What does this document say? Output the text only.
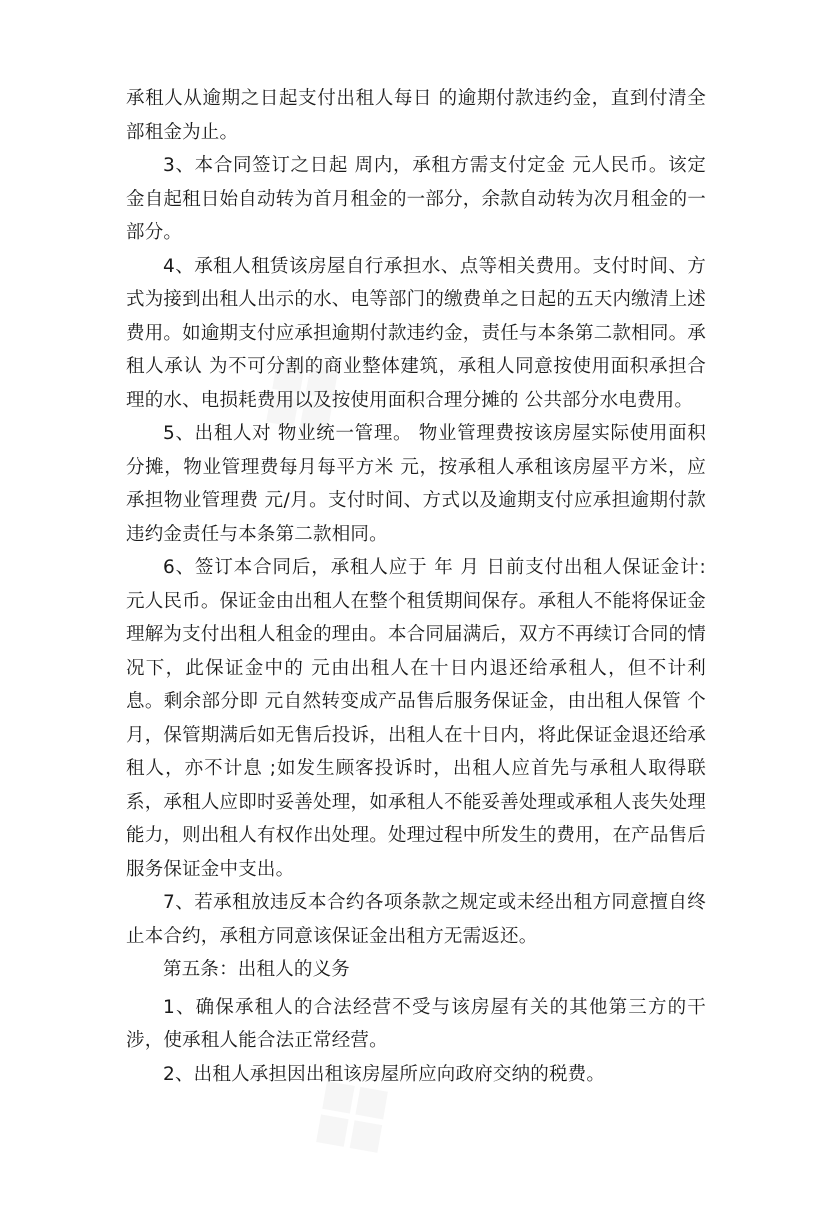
承租人从逾期之日起支付出租人每日 的逾期付款违约金，直到付清全部租金为止。

3、本合同签订之日起 周内，承租方需支付定金 元人民币。该定金自起租日始自动转为首月租金的一部分，余款自动转为次月租金的一部分。

4、承租人租赁该房屋自行承担水、点等相关费用。支付时间、方式为接到出租人出示的水、电等部门的缴费单之日起的五天内缴清上述费用。如逾期支付应承担逾期付款违约金，责任与本条第二款相同。承租人承认 为不可分割的商业整体建筑，承租人同意按使用面积承担合理的水、电损耗费用以及按使用面积合理分摊的 公共部分水电费用。

5、出租人对 物业统一管理。 物业管理费按该房屋实际使用面积分摊，物业管理费每月每平方米 元，按承租人承租该房屋平方米，应承担物业管理费 元/月。支付时间、方式以及逾期支付应承担逾期付款违约金责任与本条第二款相同。

6、签订本合同后，承租人应于 年 月 日前支付出租人保证金计: 元人民币。保证金由出租人在整个租赁期间保存。承租人不能将保证金理解为支付出租人租金的理由。本合同届满后，双方不再续订合同的情况下，此保证金中的 元由出租人在十日内退还给承租人，但不计利息。剩余部分即 元自然转变成产品售后服务保证金，由出租人保管 个月，保管期满后如无售后投诉，出租人在十日内，将此保证金退还给承租人，亦不计息 ;如发生顾客投诉时，出租人应首先与承租人取得联系，承租人应即时妥善处理，如承租人不能妥善处理或承租人丧失处理能力，则出租人有权作出处理。处理过程中所发生的费用，在产品售后服务保证金中支出。

7、若承租放违反本合约各项条款之规定或未经出租方同意擅自终止本合约，承租方同意该保证金出租方无需返还。

第五条：出租人的义务

1、确保承租人的合法经营不受与该房屋有关的其他第三方的干涉，使承租人能合法正常经营。

2、出租人承担因出租该房屋所应向政府交纳的税费。
